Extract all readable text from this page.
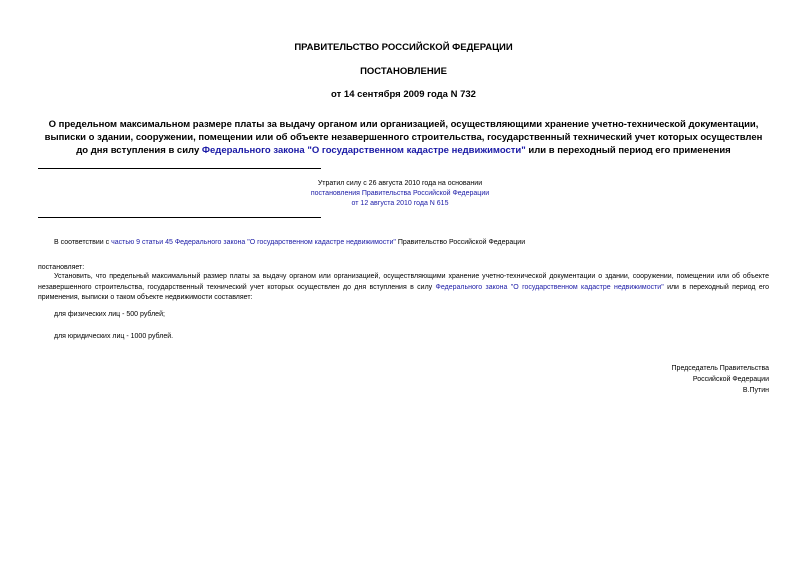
ПРАВИТЕЛЬСТВО РОССИЙСКОЙ ФЕДЕРАЦИИ
ПОСТАНОВЛЕНИЕ
от 14 сентября 2009 года N 732
О предельном максимальном размере платы за выдачу органом или организацией, осуществляющими хранение учетно-технической документации, выписки о здании, сооружении, помещении или об объекте незавершенного строительства, государственный технический учет которых осуществлен до дня вступления в силу Федерального закона "О государственном кадастре недвижимости" или в переходный период его применения
Утратил силу с 26 августа 2010 года на основании
постановления Правительства Российской Федерации
от 12 августа 2010 года N 615
В соответствии с частью 9 статьи 45 Федерального закона "О государственном кадастре недвижимости" Правительство Российской Федерации
постановляет:
Установить, что предельный максимальный размер платы за выдачу органом или организацией, осуществляющими хранение учетно-технической документации о здании, сооружении, помещении или об объекте незавершенного строительства, государственный технический учет которых осуществлен до дня вступления в силу Федерального закона "О государственном кадастре недвижимости" или в переходный период его применения, выписки о таком объекте недвижимости составляет:
для физических лиц - 500 рублей;
для юридических лиц - 1000 рублей.
Председатель Правительства
Российской Федерации
В.Путин
